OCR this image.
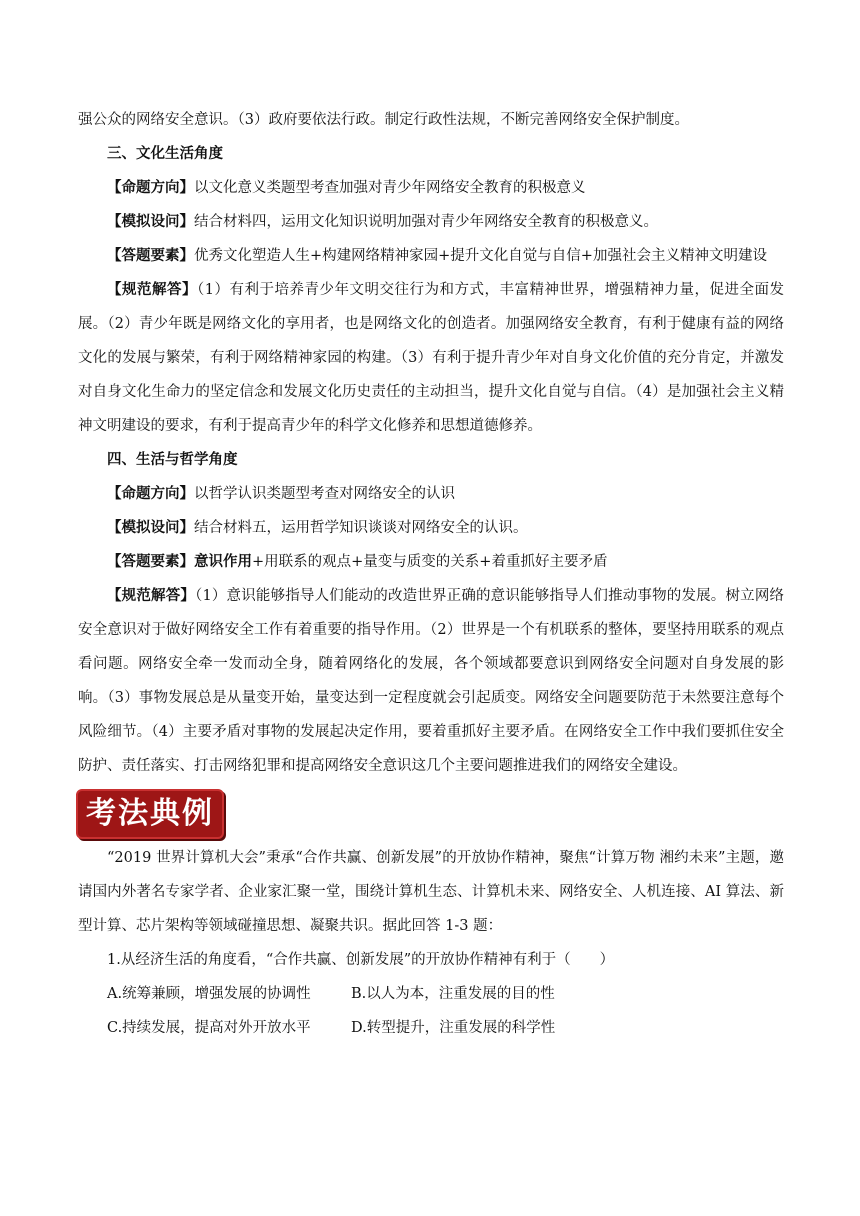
强公众的网络安全意识。（3）政府要依法行政。制定行政性法规，不断完善网络安全保护制度。

三、文化生活角度

【命题方向】以文化意义类题型考查加强对青少年网络安全教育的积极意义

【模拟设问】结合材料四，运用文化知识说明加强对青少年网络安全教育的积极意义。

【答题要素】优秀文化塑造人生+构建网络精神家园+提升文化自觉与自信+加强社会主义精神文明建设

【规范解答】（1）有利于培养青少年文明交往行为和方式，丰富精神世界，增强精神力量，促进全面发展。（2）青少年既是网络文化的享用者，也是网络文化的创造者。加强网络安全教育，有利于健康有益的网络文化的发展与繁荣，有利于网络精神家园的构建。（3）有利于提升青少年对自身文化价值的充分肯定，并激发对自身文化生命力的坚定信念和发展文化历史责任的主动担当，提升文化自觉与自信。（4）是加强社会主义精神文明建设的要求，有利于提高青少年的科学文化修养和思想道德修养。

四、生活与哲学角度

【命题方向】以哲学认识类题型考查对网络安全的认识

【模拟设问】结合材料五，运用哲学知识谈谈对网络安全的认识。

【答题要素】意识作用+用联系的观点+量变与质变的关系+着重抓好主要矛盾

【规范解答】（1）意识能够指导人们能动的改造世界正确的意识能够指导人们推动事物的发展。树立网络安全意识对于做好网络安全工作有着重要的指导作用。（2）世界是一个有机联系的整体，要坚持用联系的观点看问题。网络安全牵一发而动全身，随着网络化的发展，各个领域都要意识到网络安全问题对自身发展的影响。（3）事物发展总是从量变开始，量变达到一定程度就会引起质变。网络安全问题要防范于未然要注意每个风险细节。（4）主要矛盾对事物的发展起决定作用，要着重抓好主要矛盾。在网络安全工作中我们要抓住安全防护、责任落实、打击网络犯罪和提高网络安全意识这几个主要问题推进我们的网络安全建设。

考法典例

“2019 世界计算机大会”秉承“合作共赢、创新发展”的开放协作精神，聚焦“计算万物 湘约未来”主题，邀请国内外著名专家学者、企业家汇聚一堂，围绕计算机生态、计算机未来、网络安全、人机连接、AI 算法、新型计算、芯片架构等领域碰撞思想、凝聚共识。据此回答 1-3 题：

1.从经济生活的角度看，“合作共赢、创新发展”的开放协作精神有利于（　　）

A.统筹兼顾，增强发展的协调性	B.以人为本，注重发展的目的性

C.持续发展，提高对外开放水平	D.转型提升，注重发展的科学性
